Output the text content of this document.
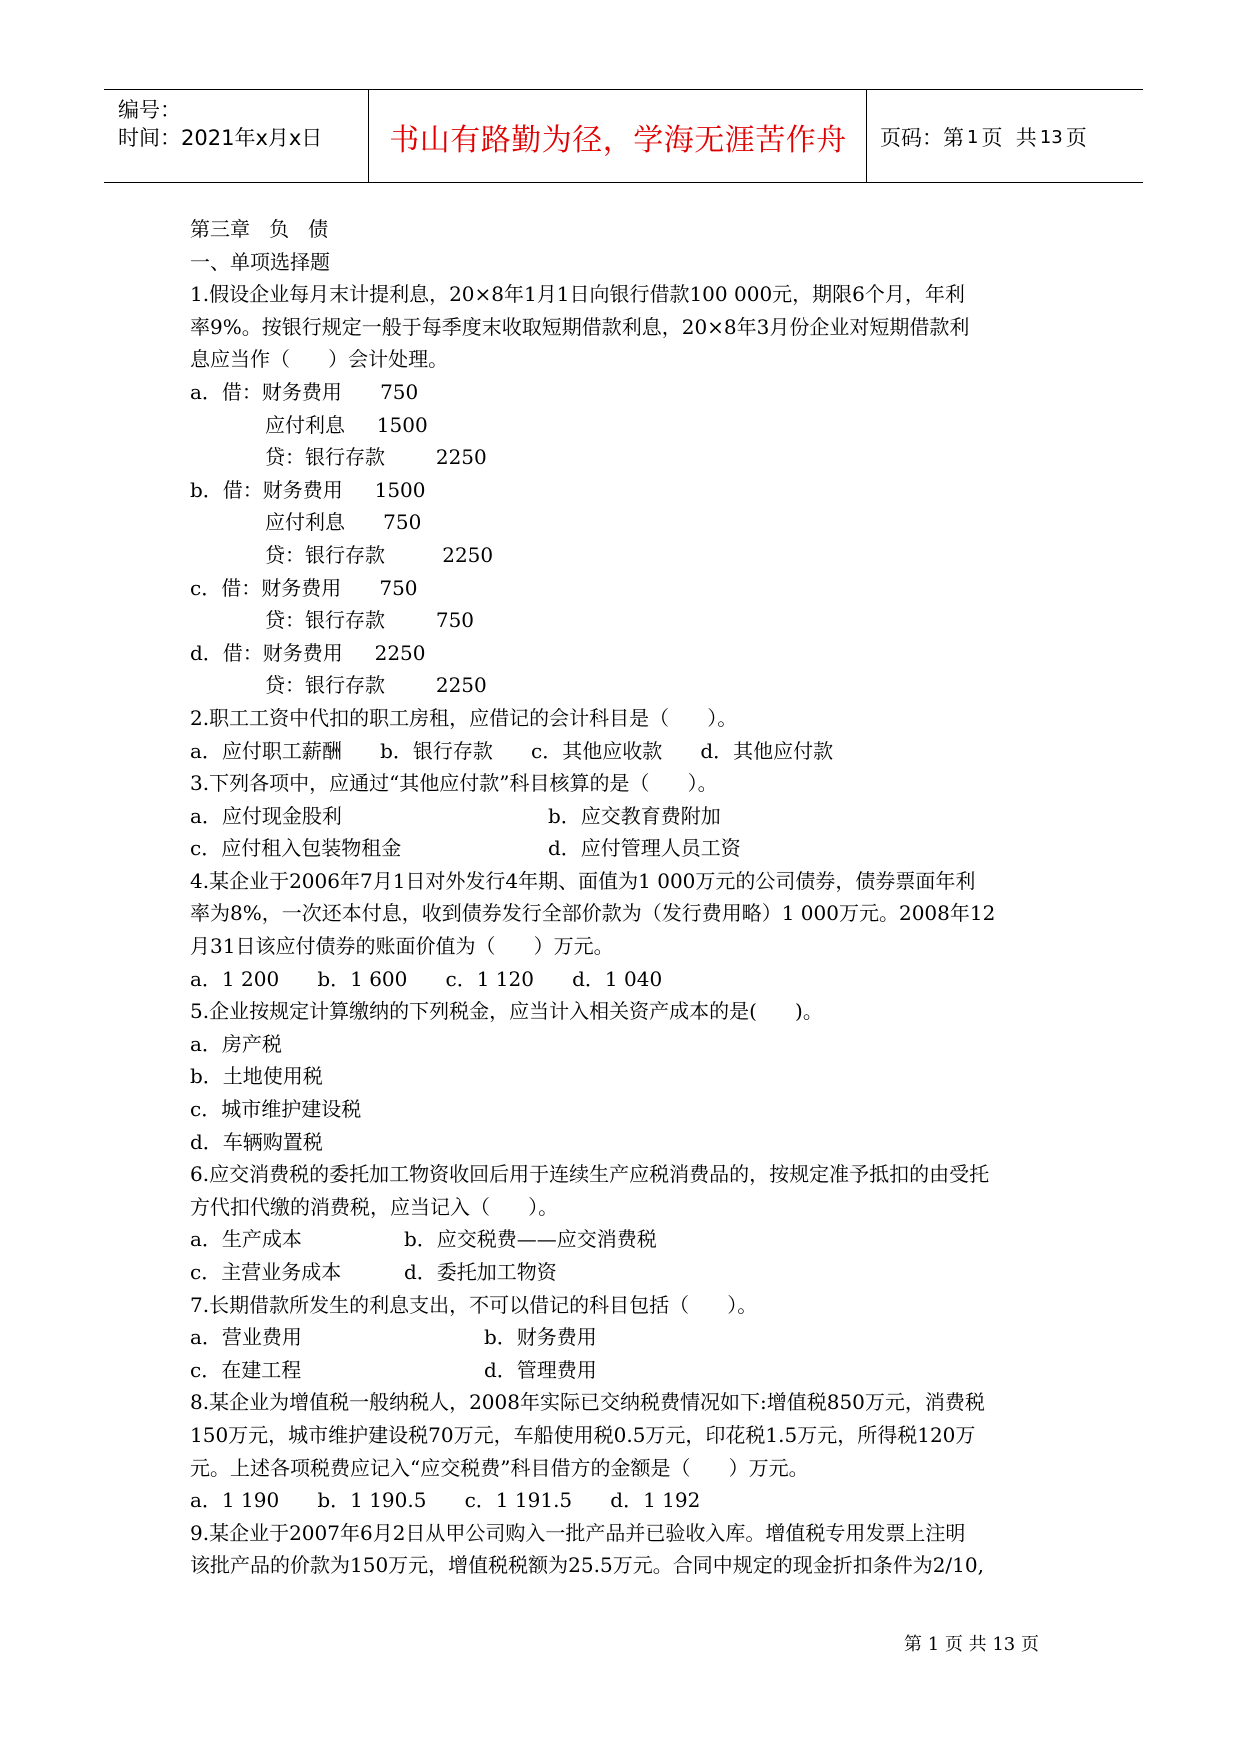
编号：
时间：2021年x月x日	书山有路勤为径，学海无涯苦作舟	页码：第 1 页  共 13 页
第三章   负   债
一、单项选择题
1.假设企业每月末计提利息，20×8年1月1日向银行借款100 000元，期限6个月，年利
率9%。按银行规定一般于每季度末收取短期借款利息，20×8年3月份企业对短期借款利
息应当作（      ）会计处理。
a．借：财务费用      750
应付利息     1500
贷：银行存款        2250
b．借：财务费用     1500
应付利息      750
贷：银行存款         2250
c．借：财务费用      750
贷：银行存款        750
d．借：财务费用     2250
贷：银行存款        2250
2.职工工资中代扣的职工房租，应借记的会计科目是（      ）。
a．应付职工薪酬      b．银行存款      c．其他应收款      d．其他应付款
3.下列各项中，应通过“其他应付款”科目核算的是（      ）。
a．应付现金股利	b．应交教育费附加
c．应付租入包装物租金	d．应付管理人员工资
4.某企业于2006年7月1日对外发行4年期、面值为1 000万元的公司债券，债券票面年利
率为8%，一次还本付息，收到债券发行全部价款为（发行费用略）1 000万元。2008年12
月31日该应付债券的账面价值为（      ）万元。
a．1 200      b．1 600      c．1 120      d．1 040
5.企业按规定计算缴纳的下列税金，应当计入相关资产成本的是(      )。
a．房产税
b．土地使用税
c．城市维护建设税
d．车辆购置税
6.应交消费税的委托加工物资收回后用于连续生产应税消费品的，按规定准予抵扣的由受托
方代扣代缴的消费税，应当记入（      ）。
a．生产成本	b．应交税费——应交消费税
c．主营业务成本	d．委托加工物资
7.长期借款所发生的利息支出，不可以借记的科目包括（      ）。
a．营业费用	b．财务费用
c．在建工程	d．管理费用
8.某企业为增值税一般纳税人，2008年实际已交纳税费情况如下:增值税850万元，消费税
150万元，城市维护建设税70万元，车船使用税0.5万元，印花税1.5万元，所得税120万
元。上述各项税费应记入“应交税费”科目借方的金额是（      ）万元。
a．1 190      b．1 190.5      c．1 191.5      d．1 192
9.某企业于2007年6月2日从甲公司购入一批产品并已验收入库。增值税专用发票上注明
该批产品的价款为150万元，增值税税额为25.5万元。合同中规定的现金折扣条件为2/10,
第 1 页 共 13 页
